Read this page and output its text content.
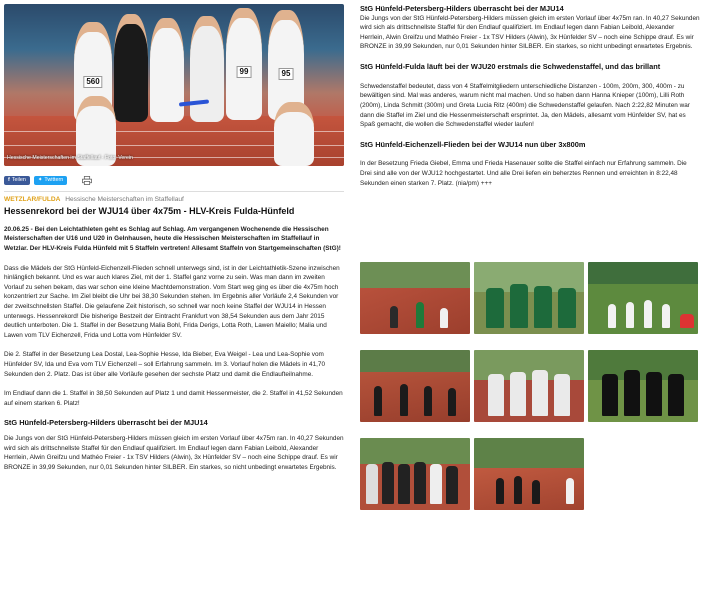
560
99	95
Hessische Meisterschaften im Staffellauf - Foto: Verein
f Teilen ✦ Twittern
WETZLAR/FULDA Hessische Meisterschaften im Staffellauf
Hessenrekord bei der WJU14 über 4x75m - HLV-Kreis Fulda-Hünfeld
20.06.25 - Bei den Leichtathleten geht es Schlag auf Schlag. Am vergangenen Wochenende die Hessischen Meisterschaften der U16 und U20 in Gelnhausen, heute die Hessischen Meisterschaften im Staffellauf in Wetzlar. Der HLV-Kreis Fulda Hünfeld mit 5 Staffeln vertreten! Allesamt Staffeln von Startgemeinschaften (StG)!

Dass die Mädels der StG Hünfeld-Eichenzell-Flieden schnell unterwegs sind, ist in der Leichtathletik-Szene inzwischen hinlänglich bekannt. Und es war auch klares Ziel, mit der 1. Staffel ganz vorne zu sein. Was man dann im zweiten Vorlauf zu sehen bekam, das war schon eine kleine Machtdemonstration. Vom Start weg ging es über die 4x75m hoch konzentriert zur Sache. Im Ziel bleibt die Uhr bei 38,30 Sekunden stehen. Im Ergebnis aller Vorläufe 2,4 Sekunden vor der zweitschnellsten Staffel. Die gelaufene Zeit historisch, so schnell war noch keine Staffel der WJU14 in Hessen unterwegs. Hessenrekord! Die bisherige Bestzeit der Eintracht Frankfurt von 38,54 Sekunden aus dem Jahr 2015 deutlich unterboten. Die 1. Staffel in der Besetzung Malia Bohl, Frida Derigs, Lotta Roth, Lawen Maiello; Malia und Lawen vom TLV Eichenzell, Frida und Lotta vom Hünfelder SV.

Die 2. Staffel in der Besetzung Lea Dostal, Lea-Sophie Hesse, Ida Bieber, Eva Weigel - Lea und Lea-Sophie vom Hünfelder SV, Ida und Eva vom TLV Eichenzell – soll Erfahrung sammeln. Im 3. Vorlauf holen die Mädels in 41,70 Sekunden den 2. Platz. Das ist über alle Vorläufe gesehen der sechste Platz und damit die Endlaufteilnahme.

Im Endlauf dann die 1. Staffel in 38,50 Sekunden auf Platz 1 und damit Hessenmeister, die 2. Staffel in 41,52 Sekunden auf einem starken 6. Platz!

StG Hünfeld-Petersberg-Hilders überrascht bei der MJU14

Die Jungs von der StG Hünfeld-Petersberg-Hilders müssen gleich im ersten Vorlauf über 4x75m ran. In 40,27 Sekunden wird sich als drittschnellste Staffel für den Endlauf qualifiziert. Im Endlauf legen dann Fabian Leibold, Alexander Herrlein, Alwin Greifzu und Mathéo Freier - 1x TSV Hilders (Alwin), 3x Hünfelder SV – noch eine Schippe drauf. Es wir BRONZE in 39,99 Sekunden, nur 0,01 Sekunden hinter SILBER. Ein starkes, so nicht unbedingt erwartetes Ergebnis.

StG Hünfeld-Petersberg-Hilders überrascht bei der MJU14

Die Jungs von der StG Hünfeld-Petersberg-Hilders müssen gleich im ersten Vorlauf über 4x75m ran. In 40,27 Sekunden wird sich als drittschnellste Staffel für den Endlauf qualifiziert. Im Endlauf legen dann Fabian Leibold, Alexander Herrlein, Alwin Greifzu und Mathéo Freier - 1x TSV Hilders (Alwin), 3x Hünfelder SV – noch eine Schippe drauf. Es wir BRONZE in 39,99 Sekunden, nur 0,01 Sekunden hinter SILBER. Ein starkes, so nicht unbedingt erwartetes Ergebnis.

StG Hünfeld-Fulda läuft bei der WJU20 erstmals die Schwedenstaffel, und das brillant

Schwedenstaffel bedeutet, dass von 4 Staffelmitgliedern unterschiedliche Distanzen - 100m, 200m, 300, 400m - zu bewältigen sind. Mal was anderes, warum nicht mal machen. Und so haben dann Hanna Knieper (100m), Lilli Roth (200m), Linda Schmitt (300m) und Greta Lucia Ritz (400m) die Schwedenstaffel gelaufen. Nach 2:22,82 Minuten war dann die Staffel im Ziel und die Hessenmeisterschaft ersprintet. Ja, den Mädels, allesamt vom Hünfelder SV, hat es Spaß gemacht, die wollen die Schwedenstaffel wieder laufen!

StG Hünfeld-Eichenzell-Flieden bei der WJU14 nun über 3x800m

In der Besetzung Frieda Giebel, Emma und Frieda Hasenauer sollte die Staffel einfach nur Erfahrung sammeln. Die Drei sind alle von der WJU12 hochgestartet. Und alle Drei liefen ein beherztes Rennen und erreichten in 8:22,48 Sekunden einen starken 7. Platz. (nia/pm) +++
